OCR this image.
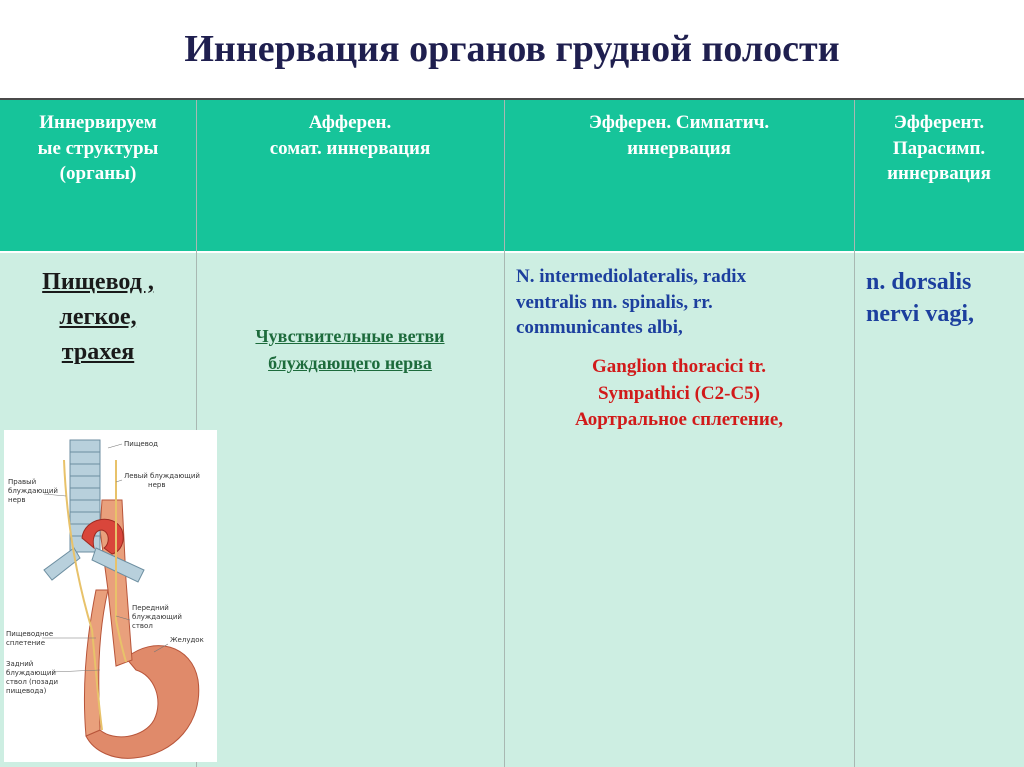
Иннервация органов грудной полости
Иннервируем
ые структуры
(органы)
Афферен.
сомат. иннервация
Эфферен. Симпатич.
иннервация
Эфферент.
Парасимп.
иннервация
Пищевод ,
легкое,
трахея
Чувствительные ветви
блуждающего нерва
N. intermediolateralis, radix
ventralis nn. spinalis, rr.
communicantes albi,
Ganglion thoracici tr.
Sympathici (C2-C5)
Аортральное сплетение,
n. dorsalis
nervi vagi,
Пищевод
Левый блуждающий
нерв
Правый
блуждающий
нерв
Передний
блуждающий
ствол
Пищеводное
сплетение	Желудок
Задний
блуждающий
ствол (позади
пищевода)
